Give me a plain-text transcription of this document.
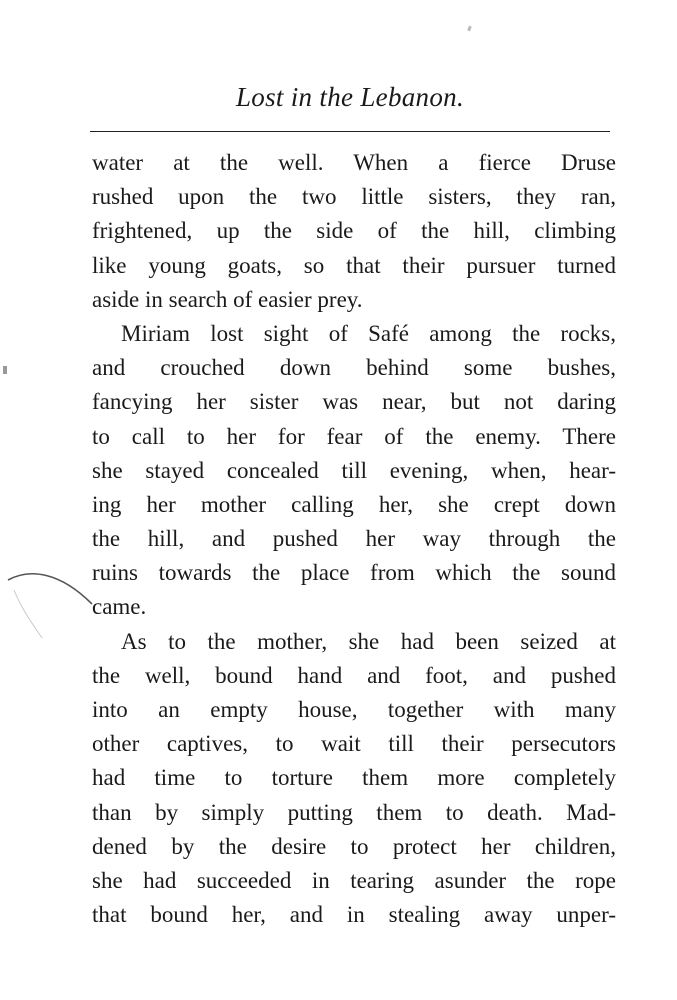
Lost in the Lebanon.
water at the well. When a fierce Druse
rushed upon the two little sisters, they ran,
frightened, up the side of the hill, climbing
like young goats, so that their pursuer turned
aside in search of easier prey.
Miriam lost sight of Safé among the rocks,
and crouched down behind some bushes,
fancying her sister was near, but not daring
to call to her for fear of the enemy. There
she stayed concealed till evening, when, hear-
ing her mother calling her, she crept down
the hill, and pushed her way through the
ruins towards the place from which the sound
came.
As to the mother, she had been seized at
the well, bound hand and foot, and pushed
into an empty house, together with many
other captives, to wait till their persecutors
had time to torture them more completely
than by simply putting them to death. Mad-
dened by the desire to protect her children,
she had succeeded in tearing asunder the rope
that bound her, and in stealing away unper-
